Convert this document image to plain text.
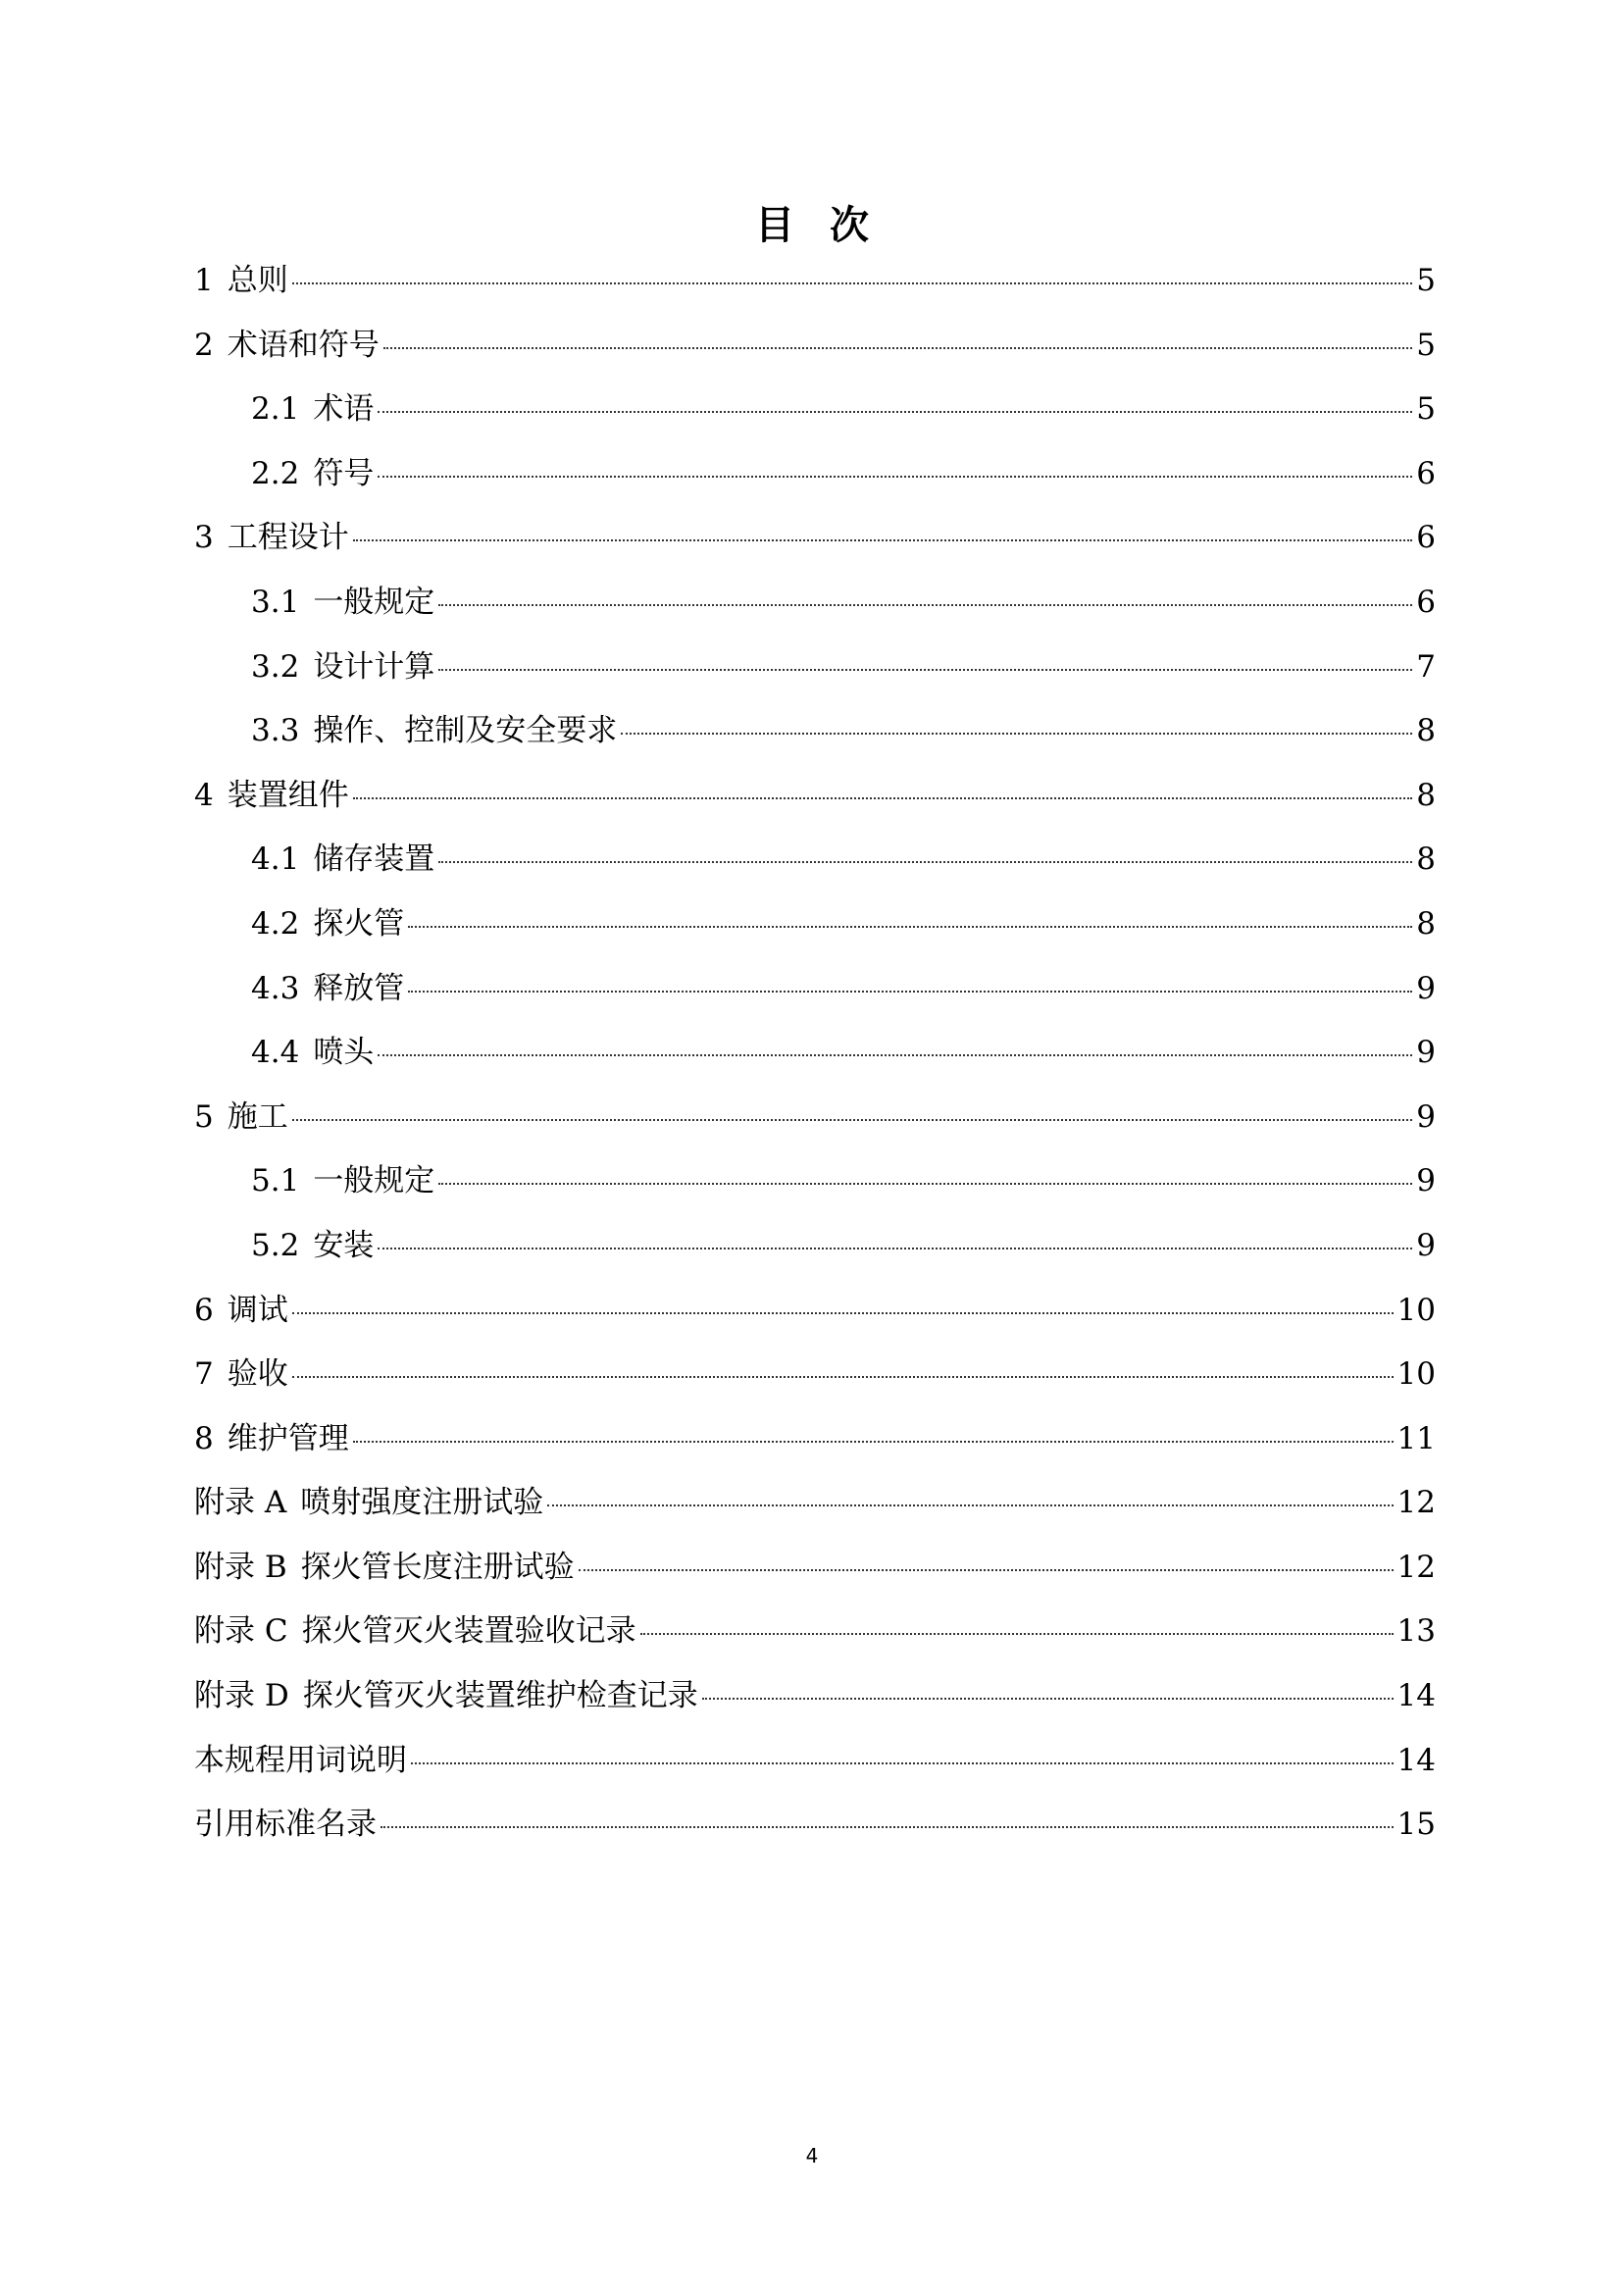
目次
1 总则	5
2 术语和符号	5
2.1 术语	5
2.2 符号	6
3 工程设计	6
3.1 一般规定	6
3.2 设计计算	7
3.3 操作、控制及安全要求	8
4 装置组件	8
4.1 储存装置	8
4.2 探火管	8
4.3 释放管	9
4.4 喷头	9
5 施工	9
5.1 一般规定	9
5.2 安装	9
6 调试	10
7 验收	10
8 维护管理	11
附录 A 喷射强度注册试验	12
附录 B 探火管长度注册试验	12
附录 C 探火管灭火装置验收记录	13
附录 D 探火管灭火装置维护检查记录	14
本规程用词说明	14
引用标准名录	15
4
